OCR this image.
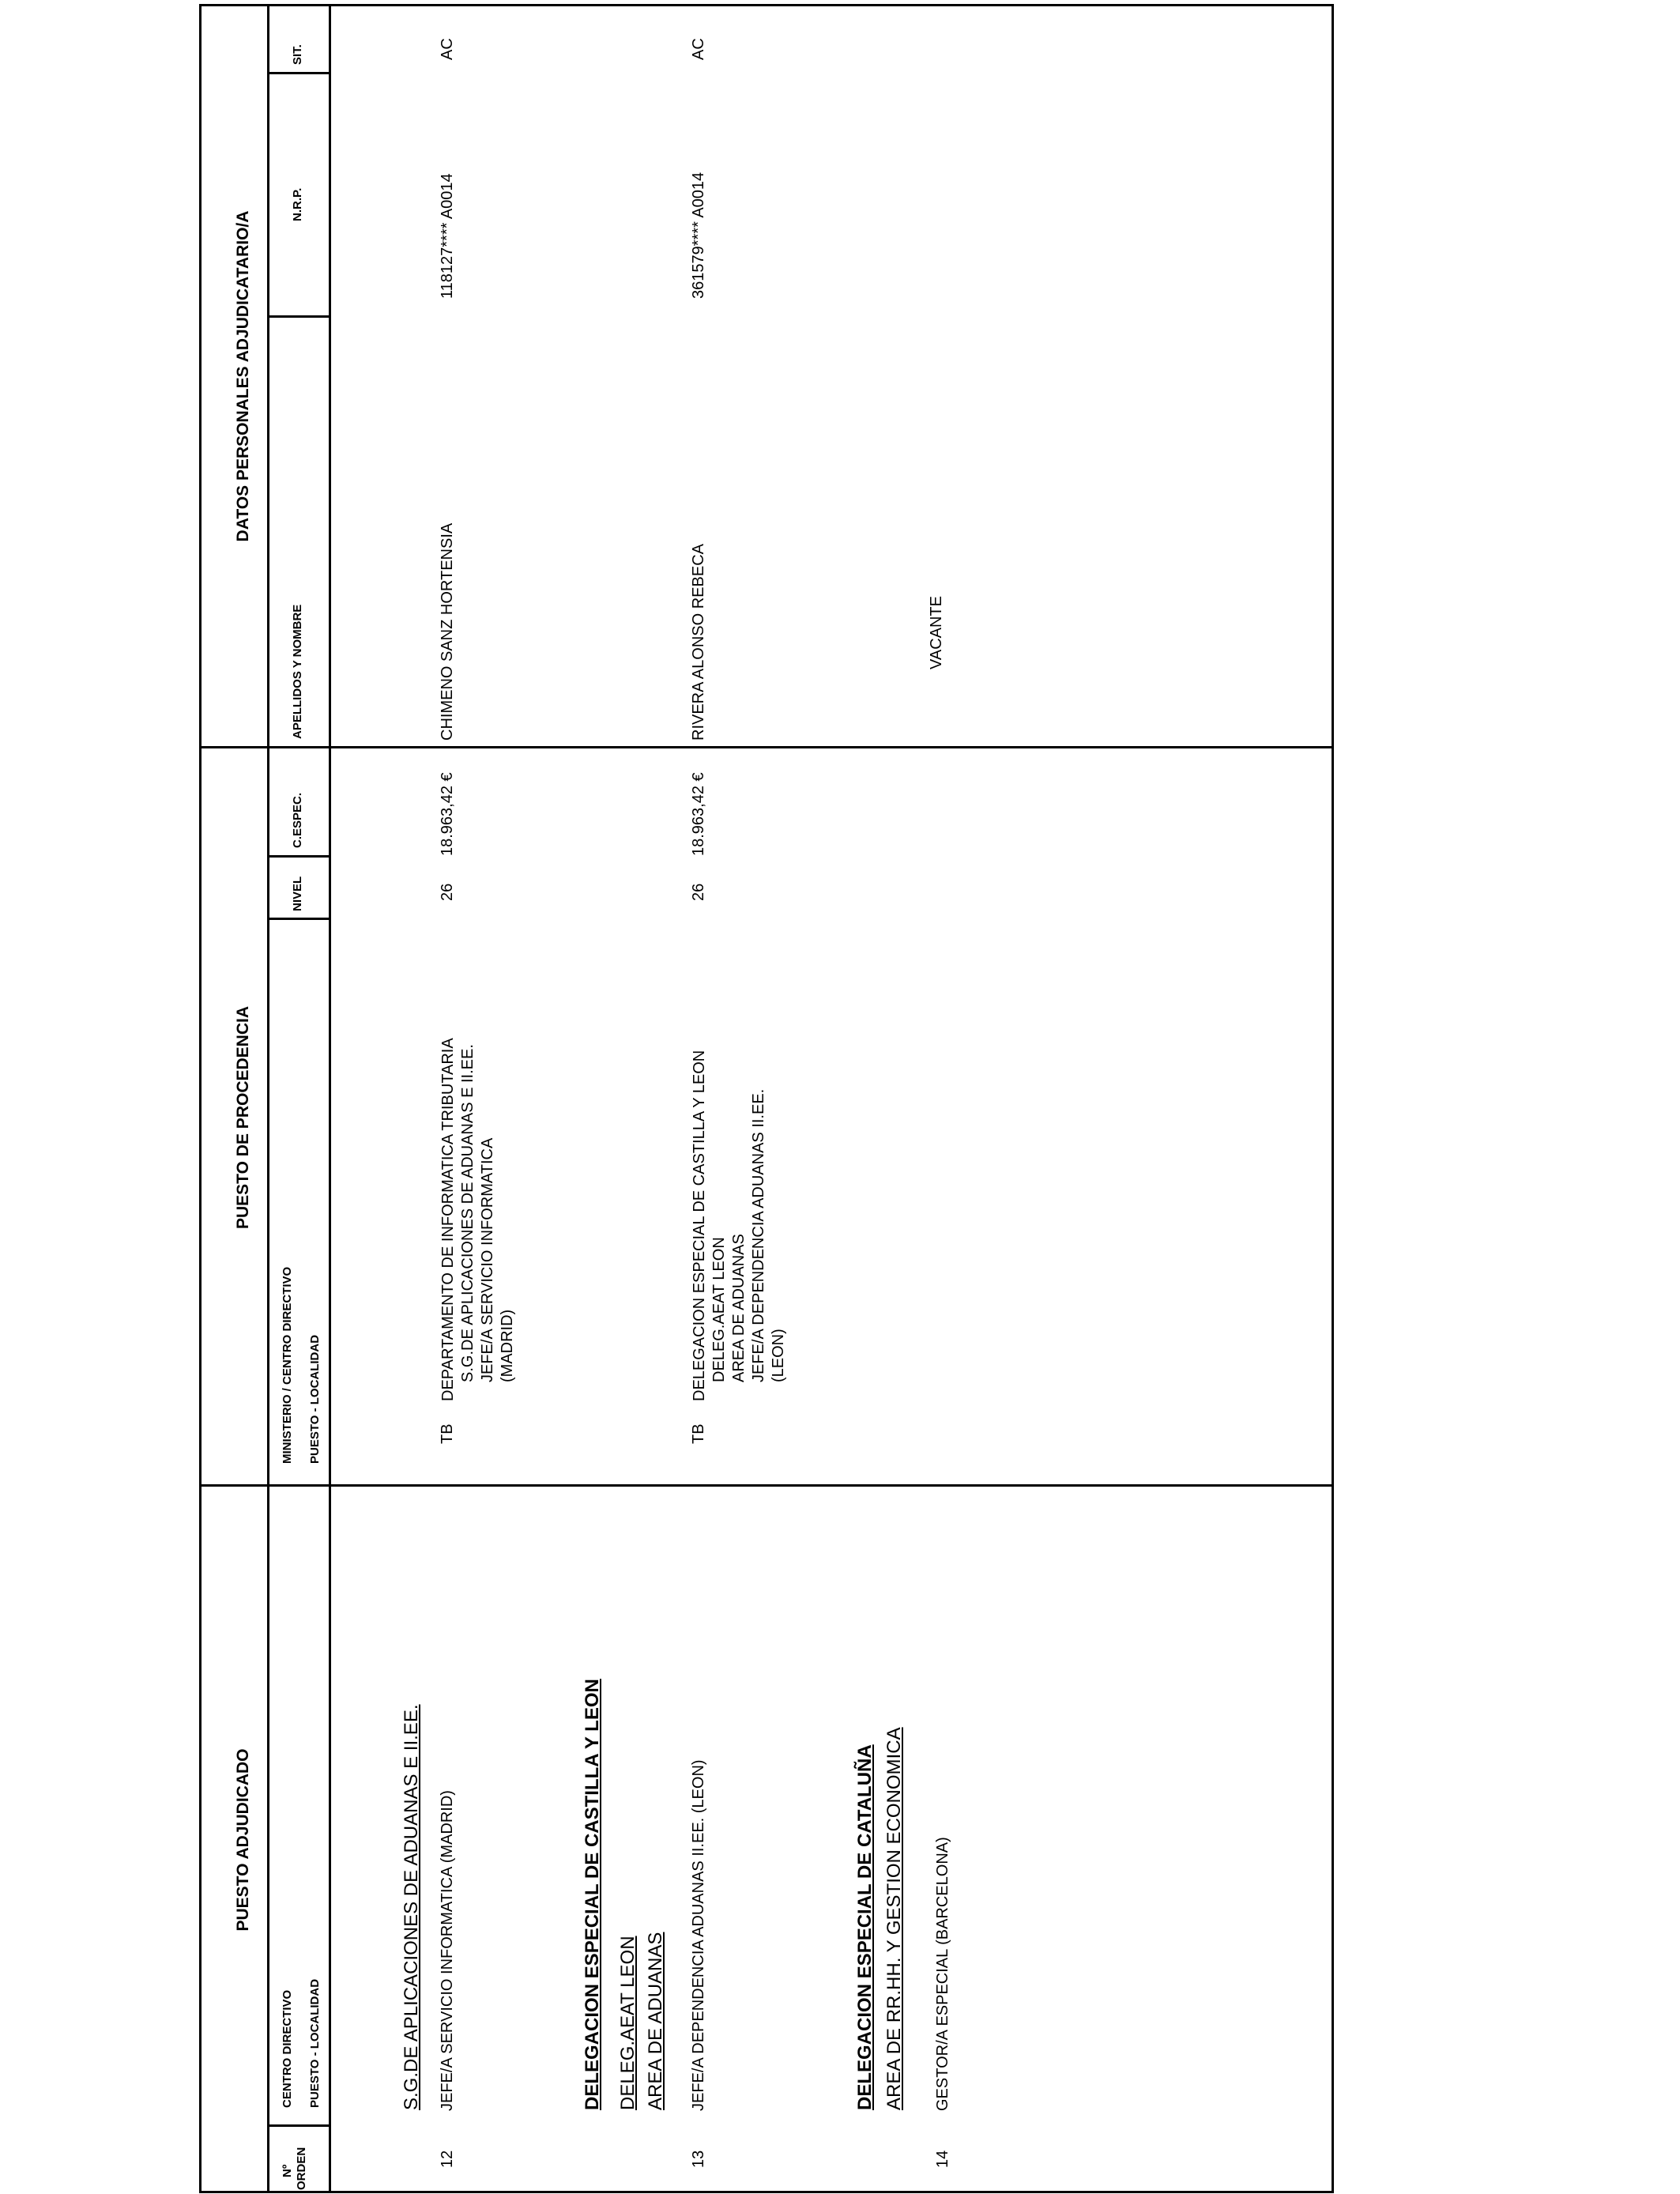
PUESTO ADJUDICADO
PUESTO DE PROCEDENCIA
DATOS PERSONALES ADJUDICATARIO/A
Nº ORDEN
CENTRO DIRECTIVO PUESTO - LOCALIDAD
MINISTERIO / CENTRO DIRECTIVO PUESTO - LOCALIDAD
NIVEL
C.ESPEC.
APELLIDOS Y NOMBRE
N.R.P.
SIT.
S.G.DE APLICACIONES DE ADUANAS E II.EE.
12
JEFE/A SERVICIO INFORMATICA (MADRID)
TB
DEPARTAMENTO DE INFORMATICA TRIBUTARIA S.G.DE APLICACIONES DE ADUANAS E II.EE. JEFE/A SERVICIO INFORMATICA (MADRID)
26
18.963,42 €
CHIMENO SANZ HORTENSIA
118127**** A0014
AC
DELEGACION ESPECIAL DE CASTILLA Y LEON DELEG.AEAT LEON AREA DE ADUANAS
13
JEFE/A DEPENDENCIA ADUANAS II.EE. (LEON)
TB
DELEGACION ESPECIAL DE CASTILLA Y LEON DELEG.AEAT LEON AREA DE ADUANAS JEFE/A DEPENDENCIA ADUANAS II.EE. (LEON)
26
18.963,42 €
RIVERA ALONSO REBECA
361579**** A0014
AC
DELEGACION ESPECIAL DE CATALUÑA AREA DE RR.HH. Y GESTION ECONOMICA
14
GESTOR/A ESPECIAL (BARCELONA)
VACANTE
